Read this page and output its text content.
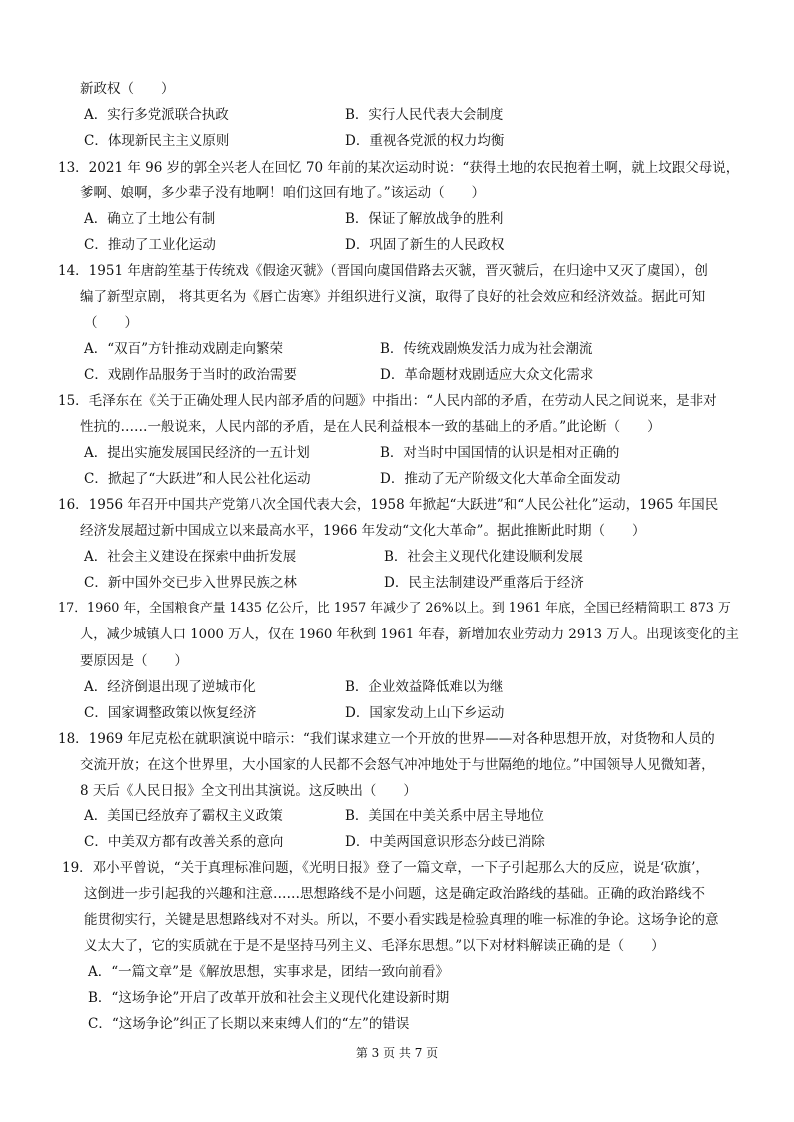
新政权（　　）
A．实行多党派联合执政	B．实行人民代表大会制度
C．体现新民主主义原则	D．重视各党派的权力均衡
13．2021 年 96 岁的郭全兴老人在回忆 70 年前的某次运动时说：“获得土地的农民抱着土啊，就上坟跟父母说，
爹啊、娘啊，多少辈子没有地啊！咱们这回有地了。”该运动（　　）
A．确立了土地公有制	B．保证了解放战争的胜利
C．推动了工业化运动	D．巩固了新生的人民政权
14．1951 年唐韵笙基于传统戏《假途灭虢》（晋国向虞国借路去灭虢，晋灭虢后，在归途中又灭了虞国），创
编了新型京剧， 将其更名为《唇亡齿寒》并组织进行义演，取得了良好的社会效应和经济效益。据此可知
（　　）
A．“双百”方针推动戏剧走向繁荣	B．传统戏剧焕发活力成为社会潮流
C．戏剧作品服务于当时的政治需要	D．革命题材戏剧适应大众文化需求
15．毛泽东在《关于正确处理人民内部矛盾的问题》中指出：“人民内部的矛盾，在劳动人民之间说来，是非对
性抗的……一般说来，人民内部的矛盾，是在人民利益根本一致的基础上的矛盾。”此论断（　　）
A．提出实施发展国民经济的一五计划	B．对当时中国国情的认识是相对正确的
C．掀起了“大跃进”和人民公社化运动	D．推动了无产阶级文化大革命全面发动
16．1956 年召开中国共产党第八次全国代表大会，1958 年掀起“大跃进”和“人民公社化”运动，1965 年国民
经济发展超过新中国成立以来最高水平，1966 年发动“文化大革命”。据此推断此时期（　　）
A．社会主义建设在探索中曲折发展	B．社会主义现代化建设顺利发展
C．新中国外交已步入世界民族之林	D．民主法制建设严重落后于经济
17．1960 年，全国粮食产量 1435 亿公斤，比 1957 年减少了 26%以上。到 1961 年底，全国已经精简职工 873 万
人，减少城镇人口 1000 万人，仅在 1960 年秋到 1961 年春，新增加农业劳动力 2913 万人。出现该变化的主
要原因是（　　）
A．经济倒退出现了逆城市化	B．企业效益降低难以为继
C．国家调整政策以恢复经济	D．国家发动上山下乡运动
18．1969 年尼克松在就职演说中暗示：“我们谋求建立一个开放的世界——对各种思想开放，对货物和人员的
交流开放；在这个世界里，大小国家的人民都不会怒气冲冲地处于与世隔绝的地位。”中国领导人见微知著，
8 天后《人民日报》全文刊出其演说。这反映出（　　）
A．美国已经放弃了霸权主义政策	B．美国在中美关系中居主导地位
C．中美双方都有改善关系的意向	D．中美两国意识形态分歧已消除
19．邓小平曾说，“关于真理标准问题，《光明日报》登了一篇文章，一下子引起那么大的反应，说是‘砍旗’，
这倒进一步引起我的兴趣和注意……思想路线不是小问题，这是确定政治路线的基础。正确的政治路线不
能贯彻实行，关键是思想路线对不对头。所以，不要小看实践是检验真理的唯一标准的争论。这场争论的意
义太大了，它的实质就在于是不是坚持马列主义、毛泽东思想。”以下对材料解读正确的是（　　）
A．“一篇文章”是《解放思想，实事求是，团结一致向前看》
B．“这场争论”开启了改革开放和社会主义现代化建设新时期
C．“这场争论”纠正了长期以来束缚人们的“左”的错误
第 3 页 共 7 页
